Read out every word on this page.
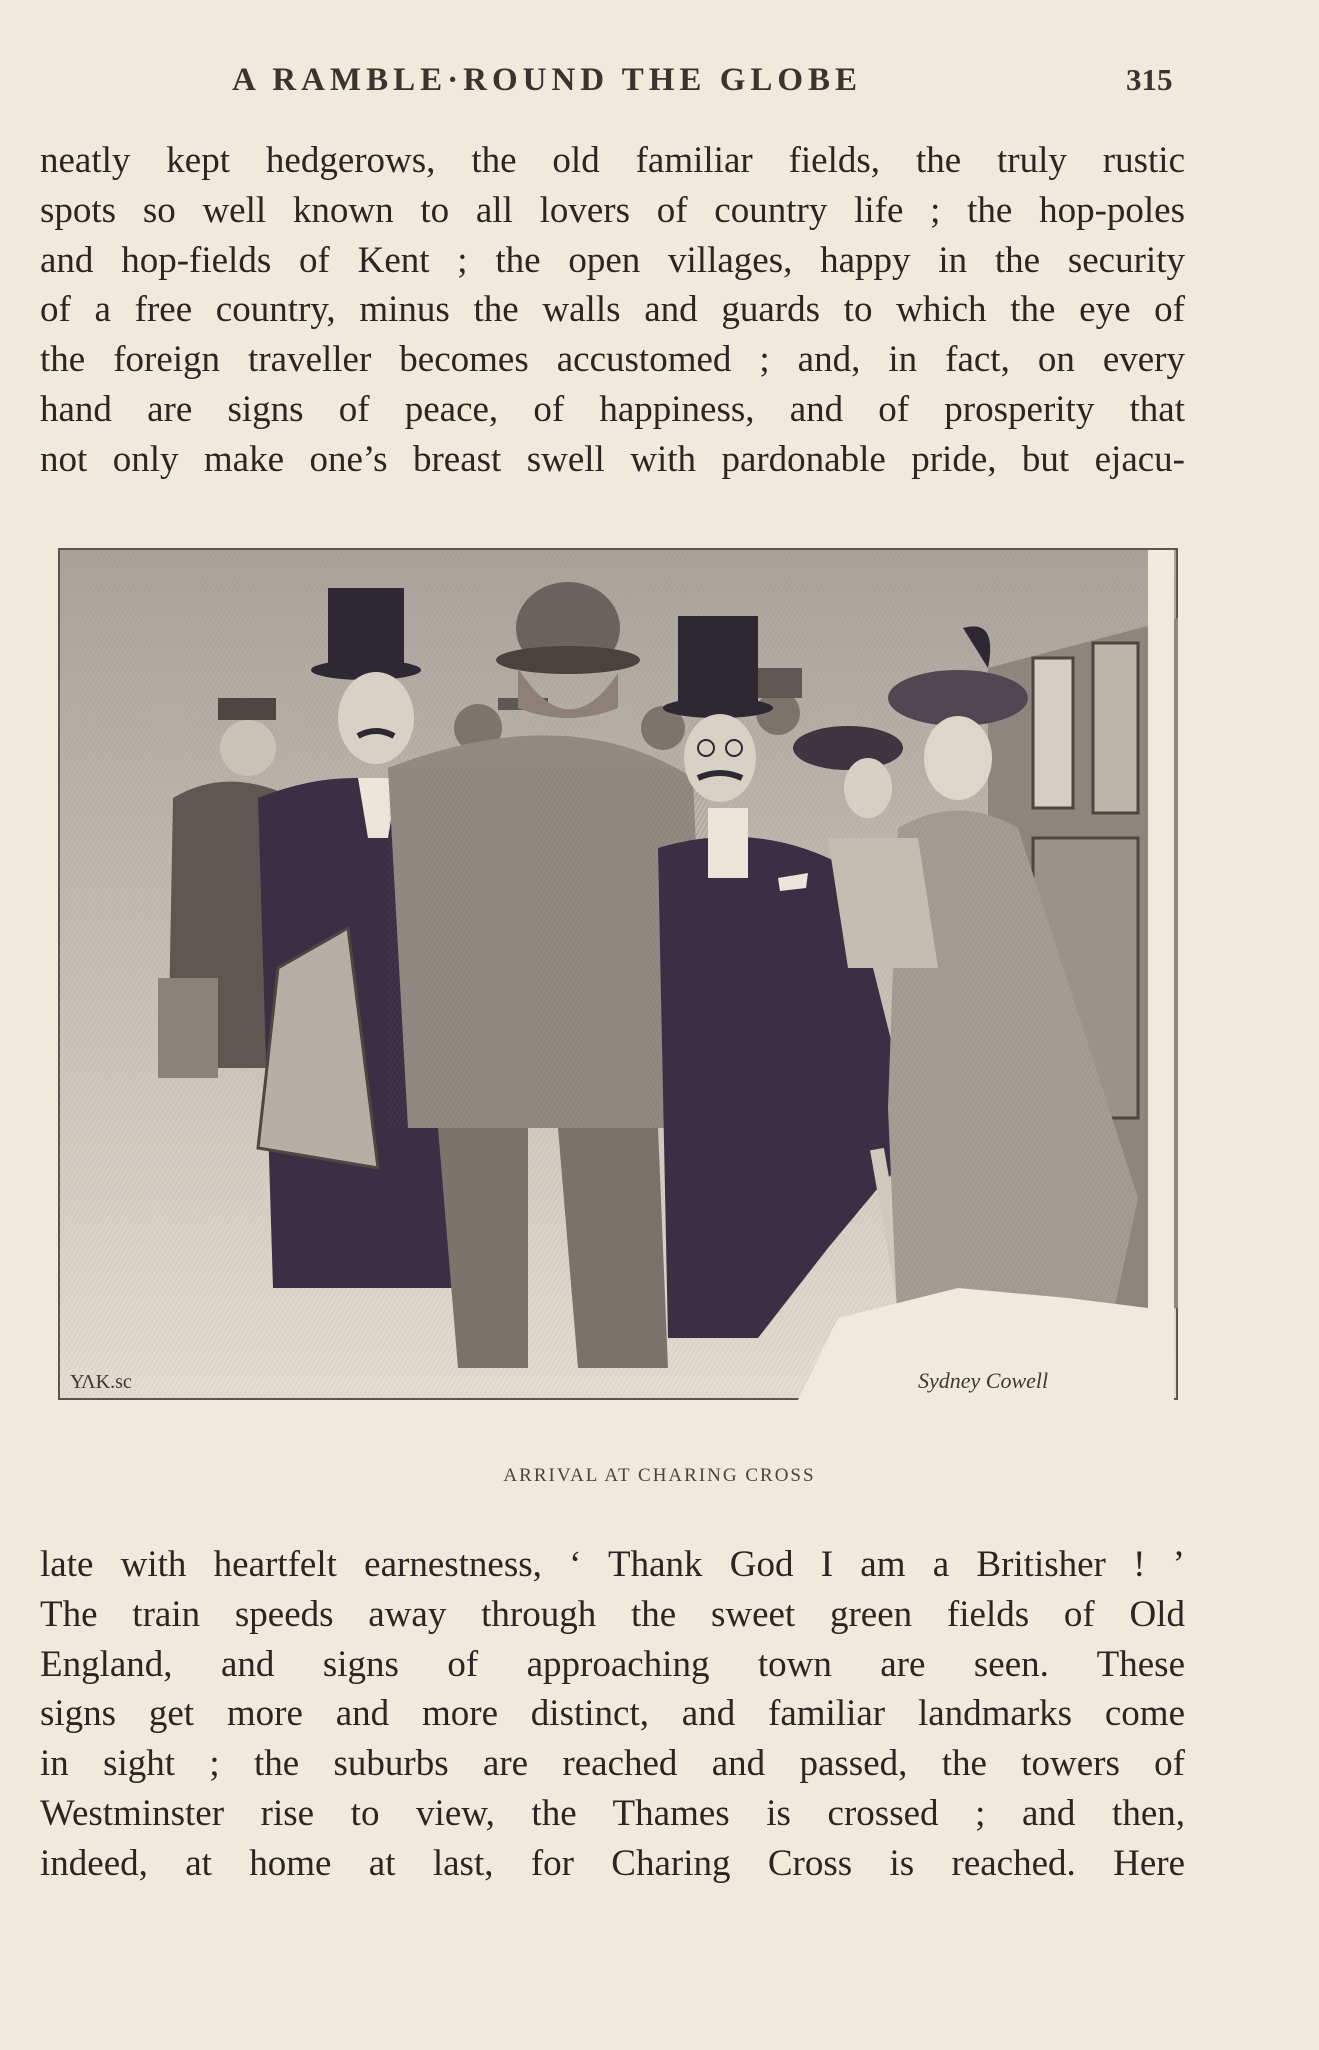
A RAMBLE·ROUND THE GLOBE	315
neatly kept hedgerows, the old familiar fields, the truly rustic
spots so well known to all lovers of country life ; the hop-poles
and hop-fields of Kent ; the open villages, happy in the security
of a free country, minus the walls and guards to which the eye of
the foreign traveller becomes accustomed ; and, in fact, on every
hand are signs of peace, of happiness, and of prosperity that
not only make one’s breast swell with pardonable pride, but ejacu-
ΥΛΚ.sc	Sydney Cowell
ARRIVAL AT CHARING CROSS
late with heartfelt earnestness, ‘ Thank God I am a Britisher ! ’
The train speeds away through the sweet green fields of Old
England, and signs of approaching town are seen. These
signs get more and more distinct, and familiar landmarks come
in sight ; the suburbs are reached and passed, the towers of
Westminster rise to view, the Thames is crossed ; and then,
indeed, at home at last, for Charing Cross is reached. Here
